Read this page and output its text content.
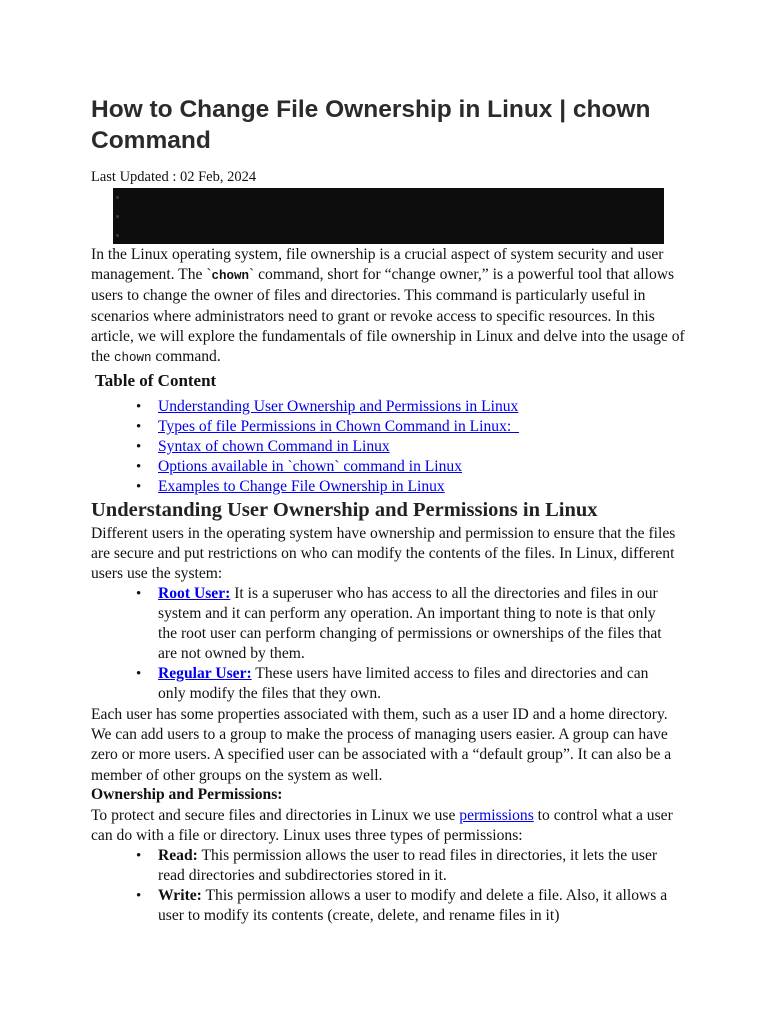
How to Change File Ownership in Linux | chown Command
Last Updated : 02 Feb, 2024

In the Linux operating system, file ownership is a crucial aspect of system security and user management. The `chown` command, short for “change owner,” is a powerful tool that allows users to change the owner of files and directories. This command is particularly useful in scenarios where administrators need to grant or revoke access to specific resources. In this article, we will explore the fundamentals of file ownership in Linux and delve into the usage of the chown command.

Table of Content
• Understanding User Ownership and Permissions in Linux
• Types of file Permissions in Chown Command in Linux:
• Syntax of chown Command in Linux
• Options available in `chown` command in Linux
• Examples to Change File Ownership in Linux
Understanding User Ownership and Permissions in Linux

Different users in the operating system have ownership and permission to ensure that the files are secure and put restrictions on who can modify the contents of the files. In Linux, different users use the system:

• Root User: It is a superuser who has access to all the directories and files in our system and it can perform any operation. An important thing to note is that only the root user can perform changing of permissions or ownerships of the files that are not owned by them.
• Regular User: These users have limited access to files and directories and can only modify the files that they own.

Each user has some properties associated with them, such as a user ID and a home directory. We can add users to a group to make the process of managing users easier. A group can have zero or more users. A specified user can be associated with a “default group”. It can also be a member of other groups on the system as well.

Ownership and Permissions:

To protect and secure files and directories in Linux we use permissions to control what a user can do with a file or directory. Linux uses three types of permissions:

• Read: This permission allows the user to read files in directories, it lets the user read directories and subdirectories stored in it.
• Write: This permission allows a user to modify and delete a file. Also, it allows a user to modify its contents (create, delete, and rename files in it)
